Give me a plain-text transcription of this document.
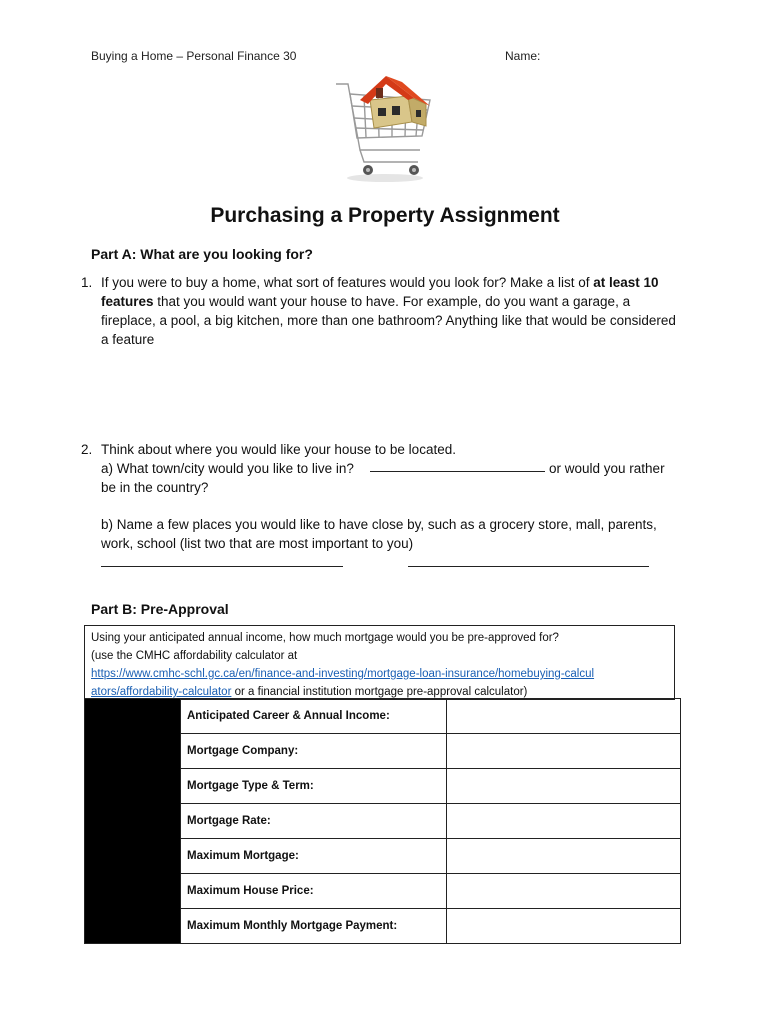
Buying a Home – Personal Finance 30	Name:
Purchasing a Property Assignment
Part A: What are you looking for?
1. If you were to buy a home, what sort of features would you look for? Make a list of at least 10 features that you would want your house to have. For example, do you want a garage, a fireplace, a pool, a big kitchen, more than one bathroom? Anything like that would be considered a feature
2. Think about where you would like your house to be located.
a) What town/city would you like to live in?	or would you rather
be in the country?
b) Name a few places you would like to have close by, such as a grocery store, mall, parents, work, school (list two that are most important to you)
Part B: Pre-Approval
Using your anticipated annual income, how much mortgage would you be pre-approved for?
(use the CMHC affordability calculator at
https://www.cmhc-schl.gc.ca/en/finance-and-investing/mortgage-loan-insurance/homebuying-calcul
ators/affordability-calculator or a financial institution mortgage pre-approval calculator)
	Anticipated Career & Annual Income:	
	Mortgage Company:	
	Mortgage Type & Term:	
	Mortgage Rate:	
	Maximum Mortgage:	
	Maximum House Price:	
	Maximum Monthly Mortgage Payment:	
